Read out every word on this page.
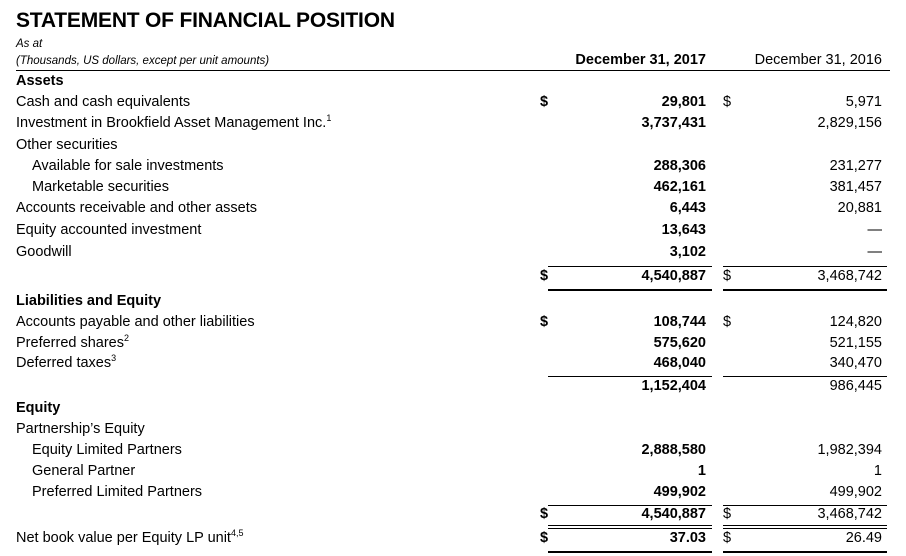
STATEMENT OF FINANCIAL POSITION
As at
(Thousands, US dollars, except per unit amounts)	December 31, 2017	December 31, 2016
Assets
Cash and cash equivalents	$	29,801 $	5,971
Investment in Brookfield Asset Management Inc.$^1$	3,737,431	2,829,156
Other securities
Available for sale investments	288,306	231,277
Marketable securities	462,161	381,457
Accounts receivable and other assets	6,443	20,881
Equity accounted investment	13,643	—
Goodwill	3,102	—
$	4,540,887 $	3,468,742
Liabilities and Equity
Accounts payable and other liabilities	$	108,744 $	124,820
Preferred shares$^2$	575,620	521,155
Deferred taxes$^3$	468,040	340,470
1,152,404	986,445
Equity
Partnership’s Equity
Equity Limited Partners	2,888,580	1,982,394
General Partner	1	1
Preferred Limited Partners	499,902	499,902
$	4,540,887 $	3,468,742
Net book value per Equity LP unit$^{4,5}$	$	37.03 $	26.49
